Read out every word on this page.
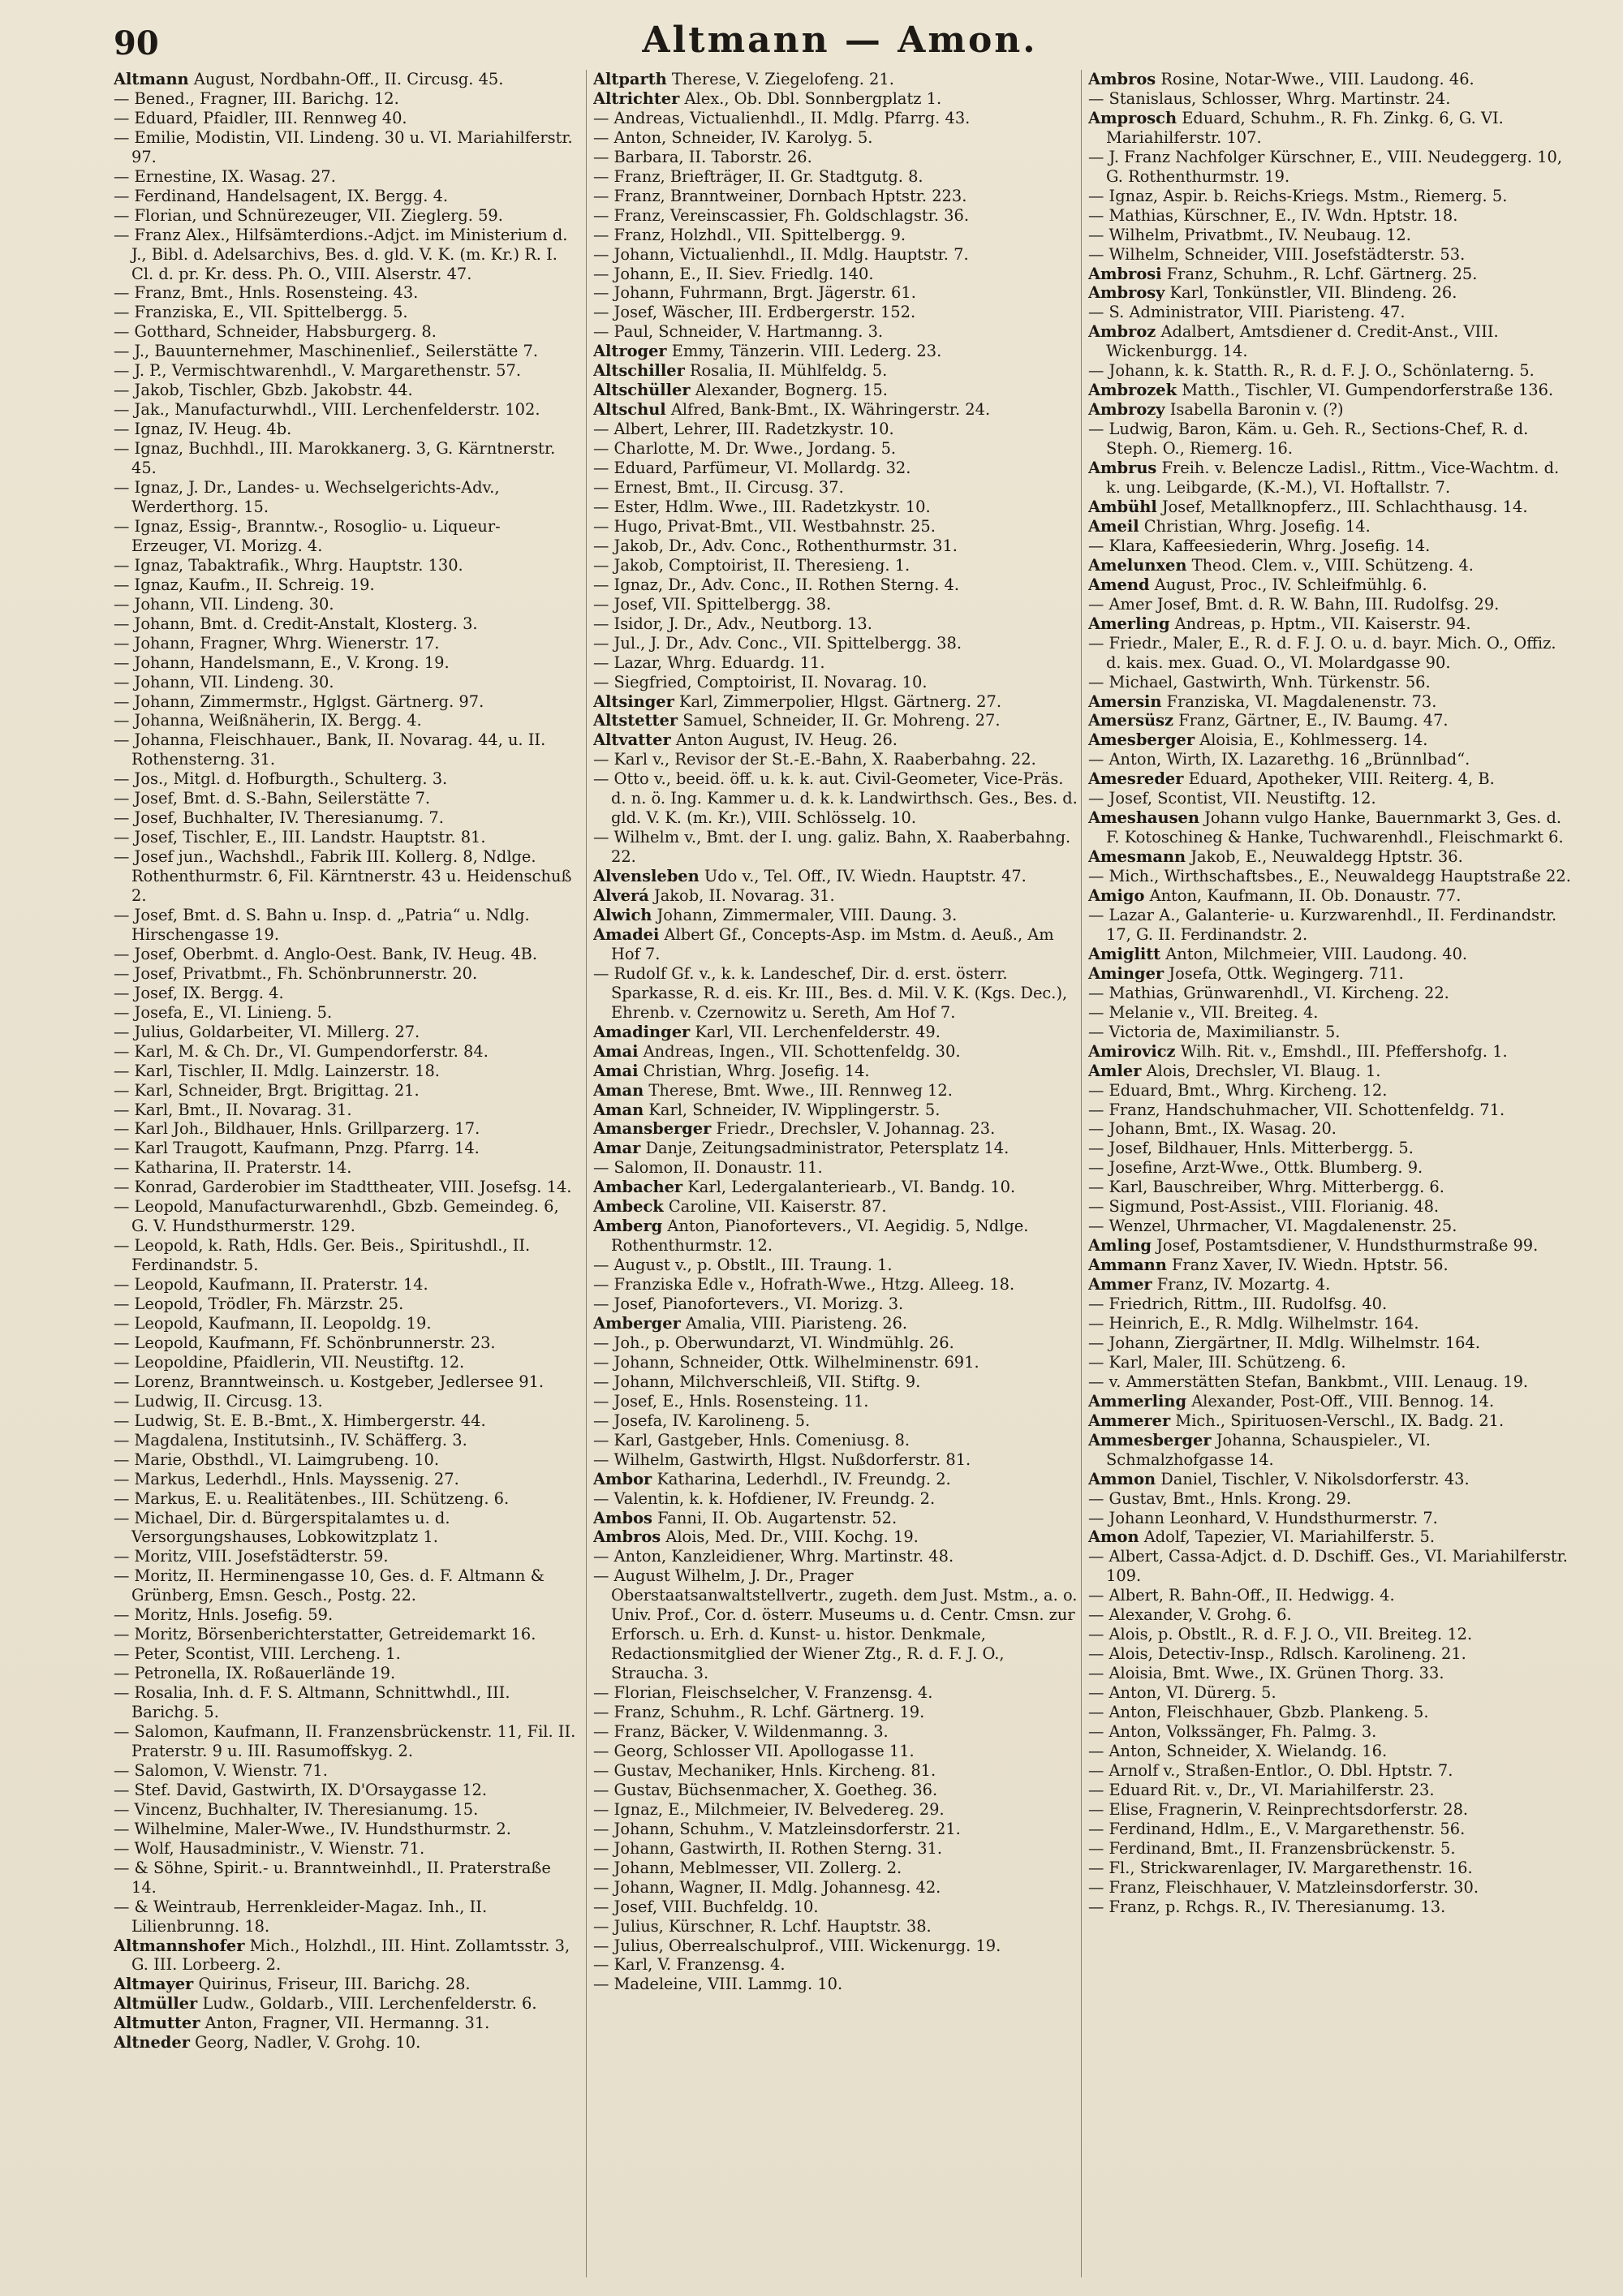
90	Altmann — Amon.
Altmann August, Nordbahn-Off., II. Circusg. 45.
— Bened., Fragner, III. Barichg. 12.
— Eduard, Pfaidler, III. Rennweg 40.
— Emilie, Modistin, VII. Lindeng. 30 u. VI. Mariahilferstr. 97.
— Ernestine, IX. Wasag. 27.
— Ferdinand, Handelsagent, IX. Bergg. 4.
— Florian, und Schnürezeuger, VII. Zieglerg. 59.
— Franz Alex., Hilfsämterdions.-Adjct. im Ministerium d. J., Bibl. d. Adelsarchivs, Bes. d. gld. V. K. (m. Kr.) R. I. Cl. d. pr. Kr. dess. Ph. O., VIII. Alserstr. 47.
— Franz, Bmt., Hnls. Rosensteing. 43.
— Franziska, E., VII. Spittelbergg. 5.
— Gotthard, Schneider, Habsburgerg. 8.
— J., Bauunternehmer, Maschinenlief., Seilerstätte 7.
— J. P., Vermischtwarenhdl., V. Margarethenstr. 57.
— Jakob, Tischler, Gbzb. Jakobstr. 44.
— Jak., Manufacturwhdl., VIII. Lerchenfelderstr. 102.
— Ignaz, IV. Heug. 4b.
— Ignaz, Buchhdl., III. Marokkanerg. 3, G. Kärntnerstr. 45.
— Ignaz, J. Dr., Landes- u. Wechselgerichts-Adv., Werderthorg. 15.
— Ignaz, Essig-, Branntw.-, Rosoglio- u. Liqueur-Erzeuger, VI. Morizg. 4.
— Ignaz, Tabaktrafik., Whrg. Hauptstr. 130.
— Ignaz, Kaufm., II. Schreig. 19.
— Johann, VII. Lindeng. 30.
— Johann, Bmt. d. Credit-Anstalt, Klosterg. 3.
— Johann, Fragner, Whrg. Wienerstr. 17.
— Johann, Handelsmann, E., V. Krong. 19.
— Johann, VII. Lindeng. 30.
— Johann, Zimmermstr., Hglgst. Gärtnerg. 97.
— Johanna, Weißnäherin, IX. Bergg. 4.
— Johanna, Fleischhauer., Bank, II. Novarag. 44, u. II. Rothensterng. 31.
— Jos., Mitgl. d. Hofburgth., Schulterg. 3.
— Josef, Bmt. d. S.-Bahn, Seilerstätte 7.
— Josef, Buchhalter, IV. Theresianumg. 7.
— Josef, Tischler, E., III. Landstr. Hauptstr. 81.
— Josef jun., Wachshdl., Fabrik III. Kollerg. 8, Ndlge. Rothenthurmstr. 6, Fil. Kärntnerstr. 43 u. Heidenschuß 2.
— Josef, Bmt. d. S. Bahn u. Insp. d. „Patria“ u. Ndlg. Hirschengasse 19.
— Josef, Oberbmt. d. Anglo-Oest. Bank, IV. Heug. 4B.
— Josef, Privatbmt., Fh. Schönbrunnerstr. 20.
— Josef, IX. Bergg. 4.
— Josefa, E., VI. Linieng. 5.
— Julius, Goldarbeiter, VI. Millerg. 27.
— Karl, M. & Ch. Dr., VI. Gumpendorferstr. 84.
— Karl, Tischler, II. Mdlg. Lainzerstr. 18.
— Karl, Schneider, Brgt. Brigittag. 21.
— Karl, Bmt., II. Novarag. 31.
— Karl Joh., Bildhauer, Hnls. Grillparzerg. 17.
— Karl Traugott, Kaufmann, Pnzg. Pfarrg. 14.
— Katharina, II. Praterstr. 14.
— Konrad, Garderobier im Stadttheater, VIII. Josefsg. 14.
— Leopold, Manufacturwarenhdl., Gbzb. Gemeindeg. 6, G. V. Hundsthurmerstr. 129.
— Leopold, k. Rath, Hdls. Ger. Beis., Spiritushdl., II. Ferdinandstr. 5.
— Leopold, Kaufmann, II. Praterstr. 14.
— Leopold, Trödler, Fh. Märzstr. 25.
— Leopold, Kaufmann, II. Leopoldg. 19.
— Leopold, Kaufmann, Ff. Schönbrunnerstr. 23.
— Leopoldine, Pfaidlerin, VII. Neustiftg. 12.
— Lorenz, Branntweinsch. u. Kostgeber, Jedlersee 91.
— Ludwig, II. Circusg. 13.
— Ludwig, St. E. B.-Bmt., X. Himbergerstr. 44.
— Magdalena, Institutsinh., IV. Schäfferg. 3.
— Marie, Obsthdl., VI. Laimgrubeng. 10.
— Markus, Lederhdl., Hnls. Mayssenig. 27.
— Markus, E. u. Realitätenbes., III. Schützeng. 6.
— Michael, Dir. d. Bürgerspitalamtes u. d. Versorgungshauses, Lobkowitzplatz 1.
— Moritz, VIII. Josefstädterstr. 59.
— Moritz, II. Herminengasse 10, Ges. d. F. Altmann & Grünberg, Emsn. Gesch., Postg. 22.
— Moritz, Hnls. Josefig. 59.
— Moritz, Börsenberichterstatter, Getreidemarkt 16.
— Peter, Scontist, VIII. Lercheng. 1.
— Petronella, IX. Roßauerlände 19.
— Rosalia, Inh. d. F. S. Altmann, Schnittwhdl., III. Barichg. 5.
— Salomon, Kaufmann, II. Franzensbrückenstr. 11, Fil. II. Praterstr. 9 u. III. Rasumoffskyg. 2.
— Salomon, V. Wienstr. 71.
— Stef. David, Gastwirth, IX. D'Orsaygasse 12.
— Vincenz, Buchhalter, IV. Theresianumg. 15.
— Wilhelmine, Maler-Wwe., IV. Hundsthurmstr. 2.
— Wolf, Hausadministr., V. Wienstr. 71.
— & Söhne, Spirit.- u. Branntweinhdl., II. Praterstraße 14.
— & Weintraub, Herrenkleider-Magaz. Inh., II. Lilienbrunng. 18.
Altmannshofer Mich., Holzhdl., III. Hint. Zollamtsstr. 3, G. III. Lorbeerg. 2.
Altmayer Quirinus, Friseur, III. Barichg. 28.
Altmüller Ludw., Goldarb., VIII. Lerchenfelderstr. 6.
Altmutter Anton, Fragner, VII. Hermanng. 31.
Altneder Georg, Nadler, V. Grohg. 10.
Altparth Therese, V. Ziegelofeng. 21.
Altrichter Alex., Ob. Dbl. Sonnbergplatz 1.
— Andreas, Victualienhdl., II. Mdlg. Pfarrg. 43.
— Anton, Schneider, IV. Karolyg. 5.
— Barbara, II. Taborstr. 26.
— Franz, Briefträger, II. Gr. Stadtgutg. 8.
— Franz, Branntweiner, Dornbach Hptstr. 223.
— Franz, Vereinscassier, Fh. Goldschlagstr. 36.
— Franz, Holzhdl., VII. Spittelbergg. 9.
— Johann, Victualienhdl., II. Mdlg. Hauptstr. 7.
— Johann, E., II. Siev. Friedlg. 140.
— Johann, Fuhrmann, Brgt. Jägerstr. 61.
— Josef, Wäscher, III. Erdbergerstr. 152.
— Paul, Schneider, V. Hartmanng. 3.
Altroger Emmy, Tänzerin. VIII. Lederg. 23.
Altschiller Rosalia, II. Mühlfeldg. 5.
Altschüller Alexander, Bognerg. 15.
Altschul Alfred, Bank-Bmt., IX. Währingerstr. 24.
— Albert, Lehrer, III. Radetzkystr. 10.
— Charlotte, M. Dr. Wwe., Jordang. 5.
— Eduard, Parfümeur, VI. Mollardg. 32.
— Ernest, Bmt., II. Circusg. 37.
— Ester, Hdlm. Wwe., III. Radetzkystr. 10.
— Hugo, Privat-Bmt., VII. Westbahnstr. 25.
— Jakob, Dr., Adv. Conc., Rothenthurmstr. 31.
— Jakob, Comptoirist, II. Theresieng. 1.
— Ignaz, Dr., Adv. Conc., II. Rothen Sterng. 4.
— Josef, VII. Spittelbergg. 38.
— Isidor, J. Dr., Adv., Neutborg. 13.
— Jul., J. Dr., Adv. Conc., VII. Spittelbergg. 38.
— Lazar, Whrg. Eduardg. 11.
— Siegfried, Comptoirist, II. Novarag. 10.
Altsinger Karl, Zimmerpolier, Hlgst. Gärtnerg. 27.
Altstetter Samuel, Schneider, II. Gr. Mohreng. 27.
Altvatter Anton August, IV. Heug. 26.
— Karl v., Revisor der St.-E.-Bahn, X. Raaberbahng. 22.
— Otto v., beeid. öff. u. k. k. aut. Civil-Geometer, Vice-Präs. d. n. ö. Ing. Kammer u. d. k. k. Landwirthsch. Ges., Bes. d. gld. V. K. (m. Kr.), VIII. Schlösselg. 10.
— Wilhelm v., Bmt. der I. ung. galiz. Bahn, X. Raaberbahng. 22.
Alvensleben Udo v., Tel. Off., IV. Wiedn. Hauptstr. 47.
Alverá Jakob, II. Novarag. 31.
Alwich Johann, Zimmermaler, VIII. Daung. 3.
Amadei Albert Gf., Concepts-Asp. im Mstm. d. Aeuß., Am Hof 7.
— Rudolf Gf. v., k. k. Landeschef, Dir. d. erst. österr. Sparkasse, R. d. eis. Kr. III., Bes. d. Mil. V. K. (Kgs. Dec.), Ehrenb. v. Czernowitz u. Sereth, Am Hof 7.
Amadinger Karl, VII. Lerchenfelderstr. 49.
Amai Andreas, Ingen., VII. Schottenfeldg. 30.
Amai Christian, Whrg. Josefig. 14.
Aman Therese, Bmt. Wwe., III. Rennweg 12.
Aman Karl, Schneider, IV. Wipplingerstr. 5.
Amansberger Friedr., Drechsler, V. Johannag. 23.
Amar Danje, Zeitungsadministrator, Petersplatz 14.
— Salomon, II. Donaustr. 11.
Ambacher Karl, Ledergalanteriearb., VI. Bandg. 10.
Ambeck Caroline, VII. Kaiserstr. 87.
Amberg Anton, Pianofortevers., VI. Aegidig. 5, Ndlge. Rothenthurmstr. 12.
— August v., p. Obstlt., III. Traung. 1.
— Franziska Edle v., Hofrath-Wwe., Htzg. Alleeg. 18.
— Josef, Pianofortevers., VI. Morizg. 3.
Amberger Amalia, VIII. Piaristeng. 26.
— Joh., p. Oberwundarzt, VI. Windmühlg. 26.
— Johann, Schneider, Ottk. Wilhelminenstr. 691.
— Johann, Milchverschleiß, VII. Stiftg. 9.
— Josef, E., Hnls. Rosensteing. 11.
— Josefa, IV. Karolineng. 5.
— Karl, Gastgeber, Hnls. Comeniusg. 8.
— Wilhelm, Gastwirth, Hlgst. Nußdorferstr. 81.
Ambor Katharina, Lederhdl., IV. Freundg. 2.
— Valentin, k. k. Hofdiener, IV. Freundg. 2.
Ambos Fanni, II. Ob. Augartenstr. 52.
Ambros Alois, Med. Dr., VIII. Kochg. 19.
— Anton, Kanzleidiener, Whrg. Martinstr. 48.
— August Wilhelm, J. Dr., Prager Oberstaatsanwaltstellvertr., zugeth. dem Just. Mstm., a. o. Univ. Prof., Cor. d. österr. Museums u. d. Centr. Cmsn. zur Erforsch. u. Erh. d. Kunst- u. histor. Denkmale, Redactionsmitglied der Wiener Ztg., R. d. F. J. O., Straucha. 3.
— Florian, Fleischselcher, V. Franzensg. 4.
— Franz, Schuhm., R. Lchf. Gärtnerg. 19.
— Franz, Bäcker, V. Wildenmanng. 3.
— Georg, Schlosser VII. Apollogasse 11.
— Gustav, Mechaniker, Hnls. Kircheng. 81.
— Gustav, Büchsenmacher, X. Goetheg. 36.
— Ignaz, E., Milchmeier, IV. Belvedereg. 29.
— Johann, Schuhm., V. Matzleinsdorferstr. 21.
— Johann, Gastwirth, II. Rothen Sterng. 31.
— Johann, Meblmesser, VII. Zollerg. 2.
— Johann, Wagner, II. Mdlg. Johannesg. 42.
— Josef, VIII. Buchfeldg. 10.
— Julius, Kürschner, R. Lchf. Hauptstr. 38.
— Julius, Oberrealschulprof., VIII. Wickenurgg. 19.
— Karl, V. Franzensg. 4.
— Madeleine, VIII. Lammg. 10.
Ambros Rosine, Notar-Wwe., VIII. Laudong. 46.
— Stanislaus, Schlosser, Whrg. Martinstr. 24.
Amprosch Eduard, Schuhm., R. Fh. Zinkg. 6, G. VI. Mariahilferstr. 107.
— J. Franz Nachfolger Kürschner, E., VIII. Neudeggerg. 10, G. Rothenthurmstr. 19.
— Ignaz, Aspir. b. Reichs-Kriegs. Mstm., Riemerg. 5.
— Mathias, Kürschner, E., IV. Wdn. Hptstr. 18.
— Wilhelm, Privatbmt., IV. Neubaug. 12.
— Wilhelm, Schneider, VIII. Josefstädterstr. 53.
Ambrosi Franz, Schuhm., R. Lchf. Gärtnerg. 25.
Ambrosy Karl, Tonkünstler, VII. Blindeng. 26.
— S. Administrator, VIII. Piaristeng. 47.
Ambroz Adalbert, Amtsdiener d. Credit-Anst., VIII. Wickenburgg. 14.
— Johann, k. k. Statth. R., R. d. F. J. O., Schönlaterng. 5.
Ambrozek Matth., Tischler, VI. Gumpendorferstraße 136.
Ambrozy Isabella Baronin v. (?)
— Ludwig, Baron, Käm. u. Geh. R., Sections-Chef, R. d. Steph. O., Riemerg. 16.
Ambrus Freih. v. Belencze Ladisl., Rittm., Vice-Wachtm. d. k. ung. Leibgarde, (K.-M.), VI. Hoftallstr. 7.
Ambühl Josef, Metallknopferz., III. Schlachthausg. 14.
Ameil Christian, Whrg. Josefig. 14.
— Klara, Kaffeesiederin, Whrg. Josefig. 14.
Amelunxen Theod. Clem. v., VIII. Schützeng. 4.
Amend August, Proc., IV. Schleifmühlg. 6.
— Amer Josef, Bmt. d. R. W. Bahn, III. Rudolfsg. 29.
Amerling Andreas, p. Hptm., VII. Kaiserstr. 94.
— Friedr., Maler, E., R. d. F. J. O. u. d. bayr. Mich. O., Offiz. d. kais. mex. Guad. O., VI. Molardgasse 90.
— Michael, Gastwirth, Wnh. Türkenstr. 56.
Amersin Franziska, VI. Magdalenenstr. 73.
Amersüsz Franz, Gärtner, E., IV. Baumg. 47.
Amesberger Aloisia, E., Kohlmesserg. 14.
— Anton, Wirth, IX. Lazarethg. 16 „Brünnlbad“.
Amesreder Eduard, Apotheker, VIII. Reiterg. 4, B.
— Josef, Scontist, VII. Neustiftg. 12.
Ameshausen Johann vulgo Hanke, Bauernmarkt 3, Ges. d. F. Kotoschineg & Hanke, Tuchwarenhdl., Fleischmarkt 6.
Amesmann Jakob, E., Neuwaldegg Hptstr. 36.
— Mich., Wirthschaftsbes., E., Neuwaldegg Hauptstraße 22.
Amigo Anton, Kaufmann, II. Ob. Donaustr. 77.
— Lazar A., Galanterie- u. Kurzwarenhdl., II. Ferdinandstr. 17, G. II. Ferdinandstr. 2.
Amiglitt Anton, Milchmeier, VIII. Laudong. 40.
Aminger Josefa, Ottk. Wegingerg. 711.
— Mathias, Grünwarenhdl., VI. Kircheng. 22.
— Melanie v., VII. Breiteg. 4.
— Victoria de, Maximilianstr. 5.
Amirovicz Wilh. Rit. v., Emshdl., III. Pfeffershofg. 1.
Amler Alois, Drechsler, VI. Blaug. 1.
— Eduard, Bmt., Whrg. Kircheng. 12.
— Franz, Handschuhmacher, VII. Schottenfeldg. 71.
— Johann, Bmt., IX. Wasag. 20.
— Josef, Bildhauer, Hnls. Mitterbergg. 5.
— Josefine, Arzt-Wwe., Ottk. Blumberg. 9.
— Karl, Bauschreiber, Whrg. Mitterbergg. 6.
— Sigmund, Post-Assist., VIII. Florianig. 48.
— Wenzel, Uhrmacher, VI. Magdalenenstr. 25.
Amling Josef, Postamtsdiener, V. Hundsthurmstraße 99.
Ammann Franz Xaver, IV. Wiedn. Hptstr. 56.
Ammer Franz, IV. Mozartg. 4.
— Friedrich, Rittm., III. Rudolfsg. 40.
— Heinrich, E., R. Mdlg. Wilhelmstr. 164.
— Johann, Ziergärtner, II. Mdlg. Wilhelmstr. 164.
— Karl, Maler, III. Schützeng. 6.
— v. Ammerstätten Stefan, Bankbmt., VIII. Lenaug. 19.
Ammerling Alexander, Post-Off., VIII. Bennog. 14.
Ammerer Mich., Spirituosen-Verschl., IX. Badg. 21.
Ammesberger Johanna, Schauspieler., VI. Schmalzhofgasse 14.
Ammon Daniel, Tischler, V. Nikolsdorferstr. 43.
— Gustav, Bmt., Hnls. Krong. 29.
— Johann Leonhard, V. Hundsthurmerstr. 7.
Amon Adolf, Tapezier, VI. Mariahilferstr. 5.
— Albert, Cassa-Adjct. d. D. Dschiff. Ges., VI. Mariahilferstr. 109.
— Albert, R. Bahn-Off., II. Hedwigg. 4.
— Alexander, V. Grohg. 6.
— Alois, p. Obstlt., R. d. F. J. O., VII. Breiteg. 12.
— Alois, Detectiv-Insp., Rdlsch. Karolineng. 21.
— Aloisia, Bmt. Wwe., IX. Grünen Thorg. 33.
— Anton, VI. Dürerg. 5.
— Anton, Fleischhauer, Gbzb. Plankeng. 5.
— Anton, Volkssänger, Fh. Palmg. 3.
— Anton, Schneider, X. Wielandg. 16.
— Arnolf v., Straßen-Entlor., O. Dbl. Hptstr. 7.
— Eduard Rit. v., Dr., VI. Mariahilferstr. 23.
— Elise, Fragnerin, V. Reinprechtsdorferstr. 28.
— Ferdinand, Hdlm., E., V. Margarethenstr. 56.
— Ferdinand, Bmt., II. Franzensbrückenstr. 5.
— Fl., Strickwarenlager, IV. Margarethenstr. 16.
— Franz, Fleischhauer, V. Matzleinsdorferstr. 30.
— Franz, p. Rchgs. R., IV. Theresianumg. 13.
